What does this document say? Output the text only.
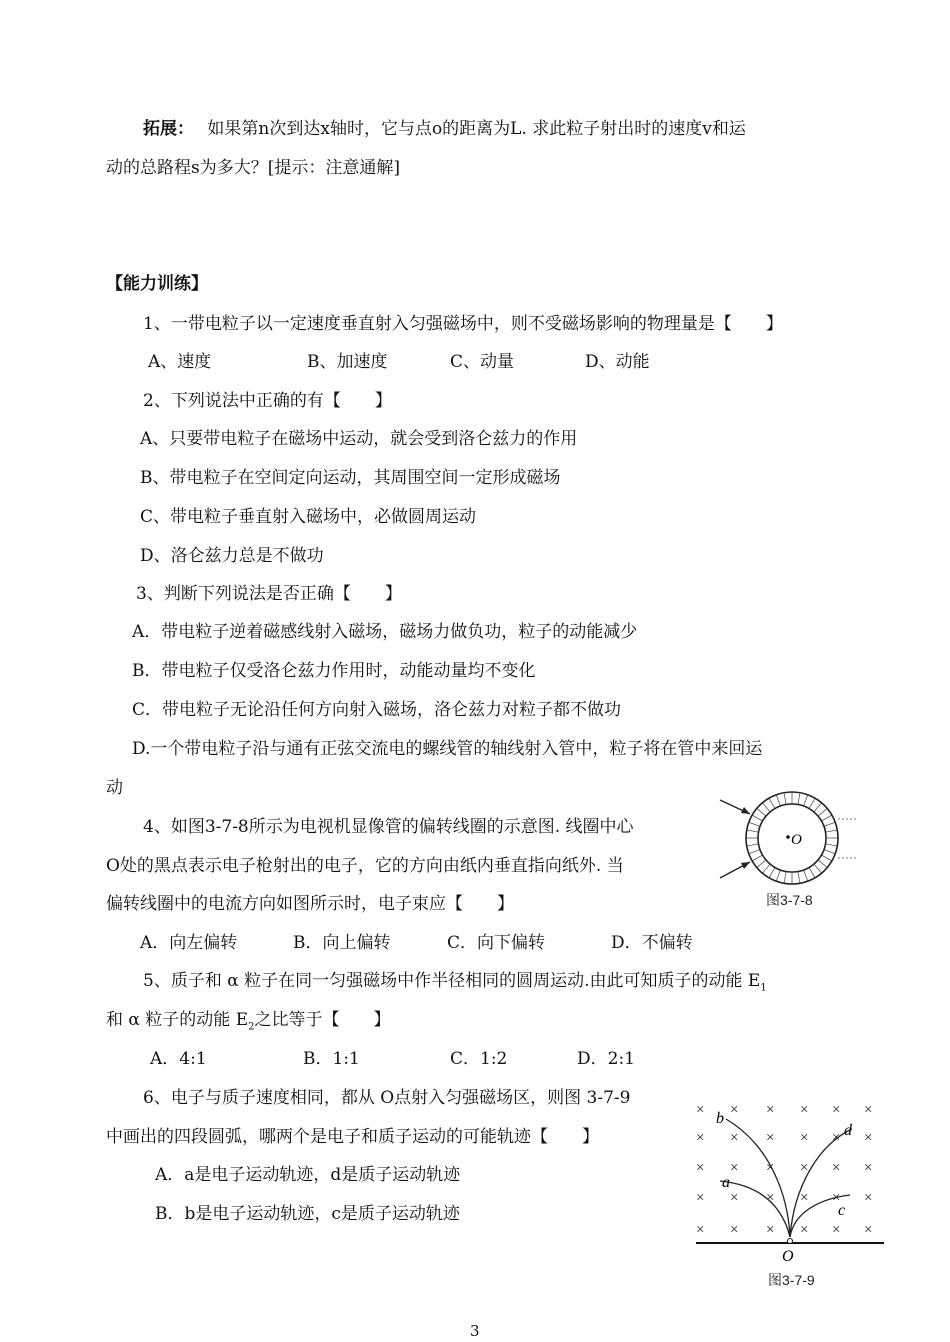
拓展： 如果第n次到达x轴时，它与点o的距离为L. 求此粒子射出时的速度v和运
动的总路程s为多大？[提示：注意通解]
【能力训练】
1、一带电粒子以一定速度垂直射入匀强磁场中，则不受磁场影响的物理量是【　　】
A、速度	B、加速度	C、动量	D、动能
2、下列说法中正确的有【　　】
A、只要带电粒子在磁场中运动，就会受到洛仑兹力的作用
B、带电粒子在空间定向运动，其周围空间一定形成磁场
C、带电粒子垂直射入磁场中，必做圆周运动
D、洛仑兹力总是不做功
3、判断下列说法是否正确【　　】
A．带电粒子逆着磁感线射入磁场，磁场力做负功，粒子的动能减少
B．带电粒子仅受洛仑兹力作用时，动能动量均不变化
C．带电粒子无论沿任何方向射入磁场，洛仑兹力对粒子都不做功
D.一个带电粒子沿与通有正弦交流电的螺线管的轴线射入管中，粒子将在管中来回运
动
4、如图3-7-8所示为电视机显像管的偏转线圈的示意图. 线圈中心
O处的黑点表示电子枪射出的电子，它的方向由纸内垂直指向纸外. 当
偏转线圈中的电流方向如图所示时，电子束应【　　】
A．向左偏转	B．向上偏转	C．向下偏转	D．不偏转
O
图3-7-8
5、质子和 α 粒子在同一匀强磁场中作半径相同的圆周运动.由此可知质子的动能 $E_1$
和 α 粒子的动能 $E_2$之比等于【　　】
A．4:1	B．1:1	C．1:2	D．2:1
6、电子与质子速度相同，都从 O点射入匀强磁场区，则图 3-7-9
中画出的四段圆弧，哪两个是电子和质子运动的可能轨迹【　　】
A．a是电子运动轨迹，d是质子运动轨迹
B．b是电子运动轨迹，c是质子运动轨迹
× × × × × ×
× × × × × ×
× × × × × ×
× × × × × ×
× × × × × ×
a
b
c
d
O
图3-7-9
3
